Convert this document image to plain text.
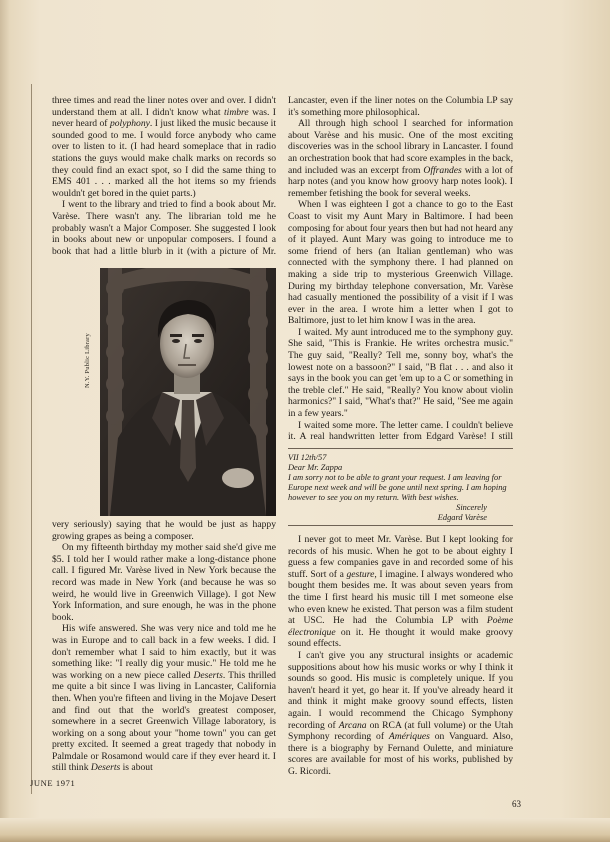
three times and read the liner notes over and over. I didn't understand them at all. I didn't know what timbre was. I never heard of polyphony. I just liked the music because it sounded good to me. I would force anybody who came over to listen to it. (I had heard someplace that in radio stations the guys would make chalk marks on records so they could find an exact spot, so I did the same thing to EMS 401 . . . marked all the hot items so my friends wouldn't get bored in the quiet parts.)

I went to the library and tried to find a book about Mr. Varèse. There wasn't any. The librarian told me he probably wasn't a Major Composer. She suggested I look in books about new or unpopular composers. I found a book that had a little blurb in it (with a picture of Mr.

N.Y. Public Library

very seriously) saying that he would be just as happy growing grapes as being a composer.

On my fifteenth birthday my mother said she'd give me $5. I told her I would rather make a long-distance phone call. I figured Mr. Varèse lived in New York because the record was made in New York (and because he was so weird, he would live in Greenwich Village). I got New York Information, and sure enough, he was in the phone book.

His wife answered. She was very nice and told me he was in Europe and to call back in a few weeks. I did. I don't remember what I said to him exactly, but it was something like: "I really dig your music." He told me he was working on a new piece called Deserts. This thrilled me quite a bit since I was living in Lancaster, California then. When you're fifteen and living in the Mojave Desert and find out that the world's greatest composer, somewhere in a secret Greenwich Village laboratory, is working on a song about your "home town" you can get pretty excited. It seemed a great tragedy that nobody in Palmdale or Rosamond would care if they ever heard it. I still think Deserts is about

Lancaster, even if the liner notes on the Columbia LP say it's something more philosophical.

All through high school I searched for information about Varèse and his music. One of the most exciting discoveries was in the school library in Lancaster. I found an orchestration book that had score examples in the back, and included was an excerpt from Offrandes with a lot of harp notes (and you know how groovy harp notes look). I remember fetishing the book for several weeks.

When I was eighteen I got a chance to go to the East Coast to visit my Aunt Mary in Baltimore. I had been composing for about four years then but had not heard any of it played. Aunt Mary was going to introduce me to some friend of hers (an Italian gentleman) who was connected with the symphony there. I had planned on making a side trip to mysterious Greenwich Village. During my birthday telephone conversation, Mr. Varèse had casually mentioned the possibility of a visit if I was ever in the area. I wrote him a letter when I got to Baltimore, just to let him know I was in the area.

I waited. My aunt introduced me to the symphony guy. She said, "This is Frankie. He writes orchestra music." The guy said, "Really? Tell me, sonny boy, what's the lowest note on a bassoon?" I said, "B flat . . . and also it says in the book you can get 'em up to a C or something in the treble clef." He said, "Really? You know about violin harmonics?" I said, "What's that?" He said, "See me again in a few years."

I waited some more. The letter came. I couldn't believe it. A real handwritten letter from Edgard Varèse! I still

VII 12th/57

Dear Mr. Zappa

I am sorry not to be able to grant your request. I am leaving for Europe next week and will be gone until next spring. I am hoping however to see you on my return. With best wishes.

Sincerely

Edgard Varèse

I never got to meet Mr. Varèse. But I kept looking for records of his music. When he got to be about eighty I guess a few companies gave in and recorded some of his stuff. Sort of a gesture, I imagine. I always wondered who bought them besides me. It was about seven years from the time I first heard his music till I met someone else who even knew he existed. That person was a film student at USC. He had the Columbia LP with Poème électronique on it. He thought it would make groovy sound effects.

I can't give you any structural insights or academic suppositions about how his music works or why I think it sounds so good. His music is completely unique. If you haven't heard it yet, go hear it. If you've already heard it and think it might make groovy sound effects, listen again. I would recommend the Chicago Symphony recording of Arcana on RCA (at full volume) or the Utah Symphony recording of Amériques on Vanguard. Also, there is a biography by Fernand Oulette, and miniature scores are available for most of his works, published by G. Ricordi.

JUNE 1971
63
